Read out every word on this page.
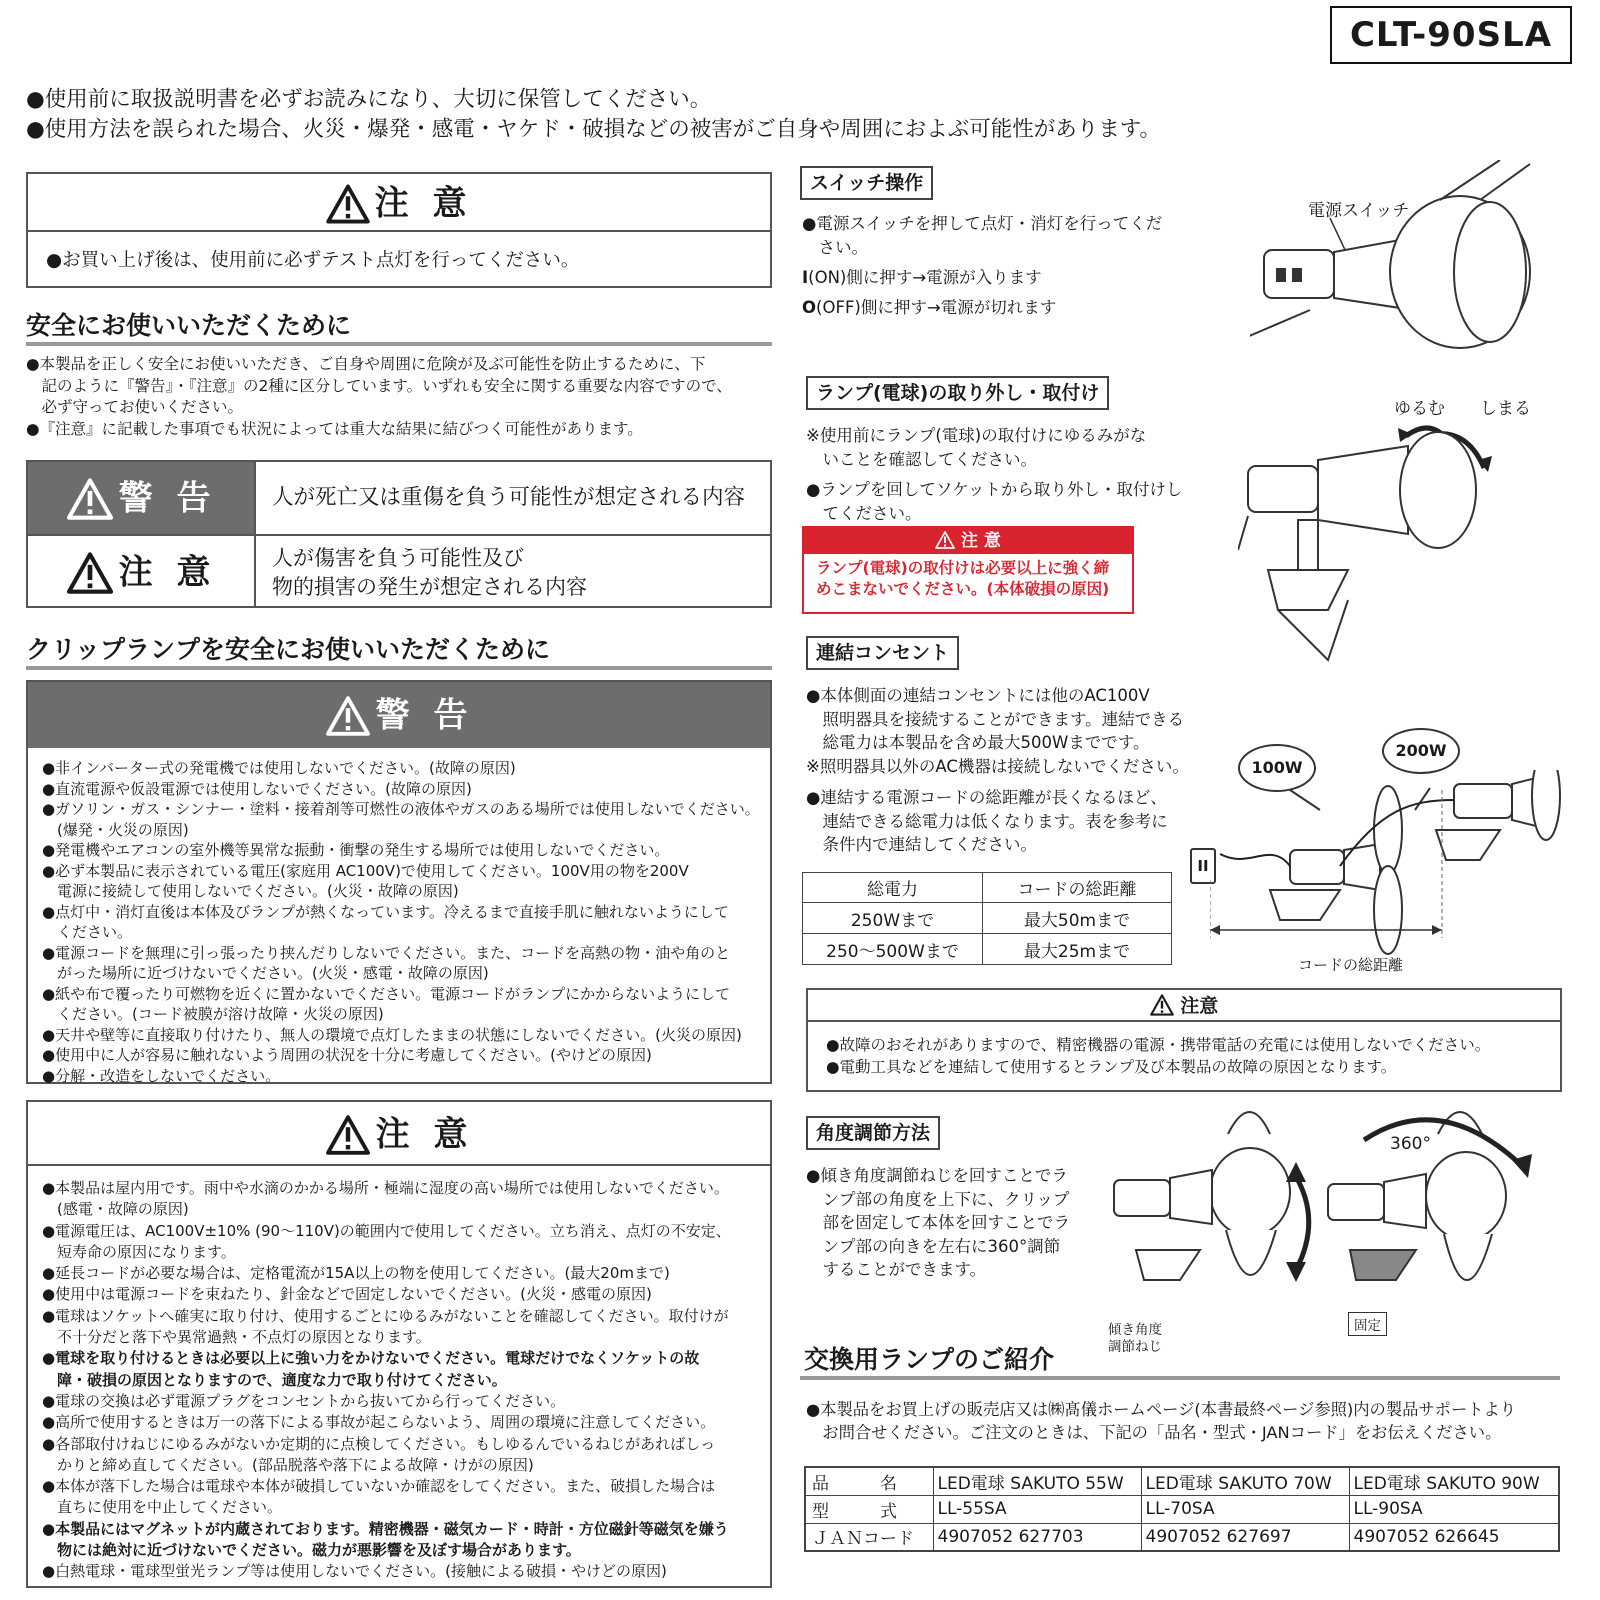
CLT-90SLA
●使用前に取扱説明書を必ずお読みになり、大切に保管してください。
●使用方法を誤られた場合、火災・爆発・感電・ヤケド・破損などの被害がご自身や周囲におよぶ可能性があります。
注 意
●お買い上げ後は、使用前に必ずテスト点灯を行ってください。
安全にお使いいただくために

●本製品を正しく安全にお使いいただき、ご自身や周囲に危険が及ぶ可能性を防止するために、下

　記のように『警告』・『注意』の2種に区分しています。いずれも安全に関する重要な内容ですので、

　必ず守ってお使いください。

●『注意』に記載した事項でも状況によっては重大な結果に結びつく可能性があります。

警 告	人が死亡又は重傷を負う可能性が想定される内容
注 意	人が傷害を負う可能性及び
物的損害の発生が想定される内容
クリップランプを安全にお使いいただくために
警 告

●非インバーター式の発電機では使用しないでください。(故障の原因)

●直流電源や仮設電源では使用しないでください。(故障の原因)

●ガソリン・ガス・シンナー・塗料・接着剤等可燃性の液体やガスのある場所では使用しないでください。

　(爆発・火災の原因)

●発電機やエアコンの室外機等異常な振動・衝撃の発生する場所では使用しないでください。

●必ず本製品に表示されている電圧(家庭用 AC100V)で使用してください。100V用の物を200V

　電源に接続して使用しないでください。(火災・故障の原因)

●点灯中・消灯直後は本体及びランプが熱くなっています。冷えるまで直接手肌に触れないようにして

　ください。

●電源コードを無理に引っ張ったり挟んだりしないでください。また、コードを高熱の物・油や角のと

　がった場所に近づけないでください。(火災・感電・故障の原因)

●紙や布で覆ったり可燃物を近くに置かないでください。電源コードがランプにかからないようにして

　ください。(コード被膜が溶け故障・火災の原因)

●天井や壁等に直接取り付けたり、無人の環境で点灯したままの状態にしないでください。(火災の原因)

●使用中に人が容易に触れないよう周囲の状況を十分に考慮してください。(やけどの原因)

●分解・改造をしないでください。

注 意

●本製品は屋内用です。雨中や水滴のかかる場所・極端に湿度の高い場所では使用しないでください。

　(感電・故障の原因)

●電源電圧は、AC100V±10% (90～110V)の範囲内で使用してください。立ち消え、点灯の不安定、

　短寿命の原因になります。

●延長コードが必要な場合は、定格電流が15A以上の物を使用してください。(最大20mまで)

●使用中は電源コードを束ねたり、針金などで固定しないでください。(火災・感電の原因)

●電球はソケットへ確実に取り付け、使用するごとにゆるみがないことを確認してください。取付けが

　不十分だと落下や異常過熱・不点灯の原因となります。

●電球を取り付けるときは必要以上に強い力をかけないでください。電球だけでなくソケットの故

　障・破損の原因となりますので、適度な力で取り付けてください。

●電球の交換は必ず電源プラグをコンセントから抜いてから行ってください。

●高所で使用するときは万一の落下による事故が起こらないよう、周囲の環境に注意してください。

●各部取付けねじにゆるみがないか定期的に点検してください。もしゆるんでいるねじがあればしっ

　かりと締め直してください。(部品脱落や落下による故障・けがの原因)

●本体が落下した場合は電球や本体が破損していないか確認をしてください。また、破損した場合は

　直ちに使用を中止してください。

●本製品にはマグネットが内蔵されております。精密機器・磁気カード・時計・方位磁針等磁気を嫌う

　物には絶対に近づけないでください。磁力が悪影響を及ぼす場合があります。

●白熱電球・電球型蛍光ランプ等は使用しないでください。(接触による破損・やけどの原因)

スイッチ操作

●電源スイッチを押して点灯・消灯を行ってくだ

　さい。

I(ON)側に押す→電源が入ります

O(OFF)側に押す→電源が切れます

電源スイッチ
ランプ(電球)の取り外し・取付け

※使用前にランプ(電球)の取付けにゆるみがな

　いことを確認してください。

●ランプを回してソケットから取り外し・取付けし

　てください。

注 意
ランプ(電球)の取付けは必要以上に強く締
めこまないでください。(本体破損の原因)
ゆるむ しまる
連結コンセント

●本体側面の連結コンセントには他のAC100V

　照明器具を接続することができます。連結できる

　総電力は本製品を含め最大500Wまでです。

※照明器具以外のAC機器は接続しないでください。

●連結する電源コードの総距離が長くなるほど、

　連結できる総電力は低くなります。表を参考に

　条件内で連結してください。

総電力	コードの総距離
250Wまで	最大50mまで
250～500Wまで	最大25mまで
100W
200W
II
コードの総距離
注意

●故障のおそれがありますので、精密機器の電源・携帯電話の充電には使用しないでください。

●電動工具などを連結して使用するとランプ及び本製品の故障の原因となります。

角度調節方法

●傾き角度調節ねじを回すことでラ

　ンプ部の角度を上下に、クリップ

　部を固定して本体を回すことでラ

　ンプ部の向きを左右に360°調節

　することができます。

360°
傾き角度
調節ねじ
固定
交換用ランプのご紹介

●本製品をお買上げの販売店又は㈱髙儀ホームページ(本書最終ページ参照)内の製品サポートより

　お問合せください。ご注文のときは、下記の「品名・型式・JANコード」をお伝えください。

品　　　名	LED電球 SAKUTO 55W	LED電球 SAKUTO 70W	LED電球 SAKUTO 90W
型　　　式	LL-55SA	LL-70SA	LL-90SA
ＪＡＮコード	4907052 627703	4907052 627697	4907052 626645
